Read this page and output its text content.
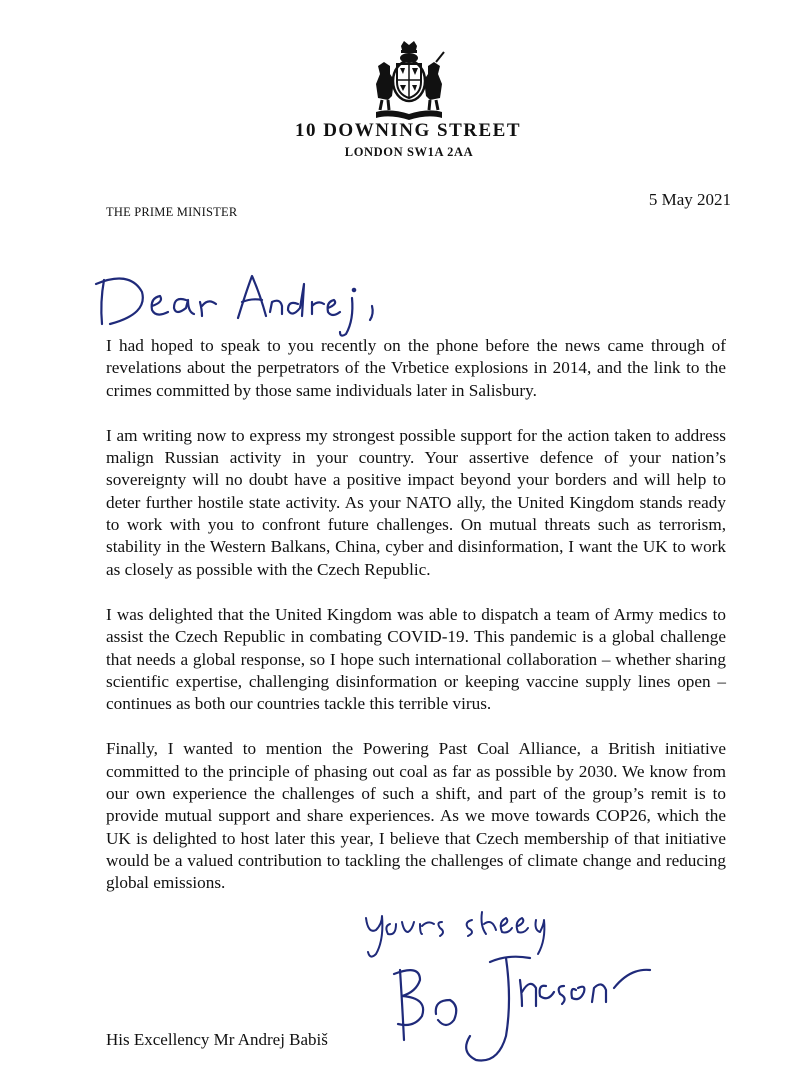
10 DOWNING STREET
LONDON SW1A 2AA
5 May 2021
THE PRIME MINISTER

I had hoped to speak to you recently on the phone before the news came through of revelations about the perpetrators of the Vrbetice explosions in 2014, and the link to the crimes committed by those same individuals later in Salisbury.

I am writing now to express my strongest possible support for the action taken to address malign Russian activity in your country. Your assertive defence of your nation’s sovereignty will no doubt have a positive impact beyond your borders and will help to deter further hostile state activity. As your NATO ally, the United Kingdom stands ready to work with you to confront future challenges. On mutual threats such as terrorism, stability in the Western Balkans, China, cyber and disinformation, I want the UK to work as closely as possible with the Czech Republic.

I was delighted that the United Kingdom was able to dispatch a team of Army medics to assist the Czech Republic in combating COVID-19. This pandemic is a global challenge that needs a global response, so I hope such international collaboration – whether sharing scientific expertise, challenging disinformation or keeping vaccine supply lines open – continues as both our countries tackle this terrible virus.

Finally, I wanted to mention the Powering Past Coal Alliance, a British initiative committed to the principle of phasing out coal as far as possible by 2030. We know from our own experience the challenges of such a shift, and part of the group’s remit is to provide mutual support and share experiences. As we move towards COP26, which the UK is delighted to host later this year, I believe that Czech membership of that initiative would be a valued contribution to tackling the challenges of climate change and reducing global emissions.

His Excellency Mr Andrej Babiš
